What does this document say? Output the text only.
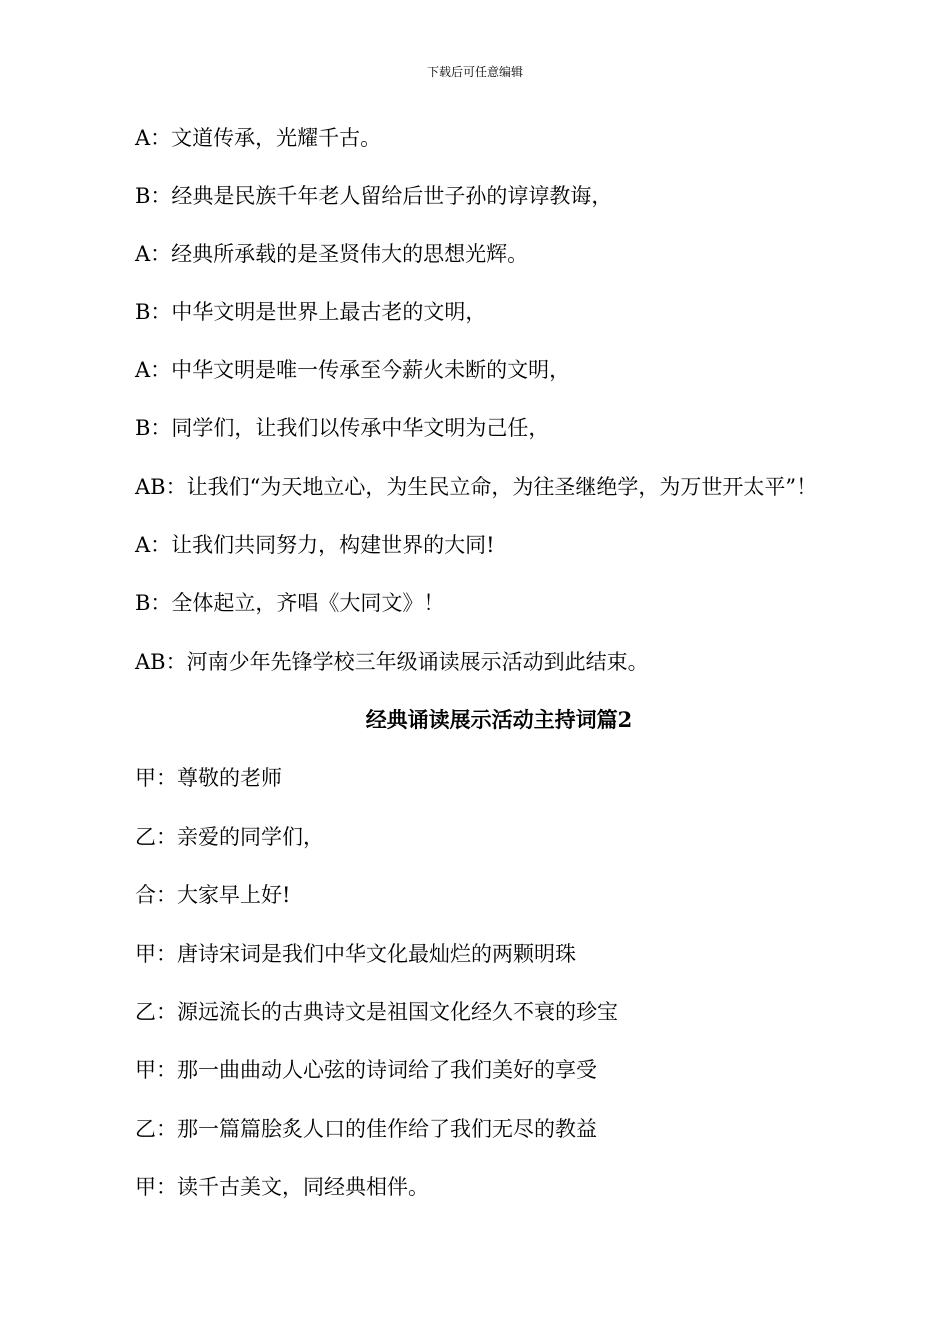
下载后可任意编辑
A：文道传承，光耀千古。
B：经典是民族千年老人留给后世子孙的谆谆教诲，
A：经典所承载的是圣贤伟大的思想光辉。
B：中华文明是世界上最古老的文明，
A：中华文明是唯一传承至今薪火未断的文明，
B：同学们，让我们以传承中华文明为己任，
AB：让我们“为天地立心，为生民立命，为往圣继绝学，为万世开太平”！
A：让我们共同努力，构建世界的大同!
B：全体起立，齐唱《大同文》！
AB：河南少年先锋学校三年级诵读展示活动到此结束。
经典诵读展示活动主持词篇2
甲：尊敬的老师
乙：亲爱的同学们，
合：大家早上好!
甲：唐诗宋词是我们中华文化最灿烂的两颗明珠
乙：源远流长的古典诗文是祖国文化经久不衰的珍宝
甲：那一曲曲动人心弦的诗词给了我们美好的享受
乙：那一篇篇脍炙人口的佳作给了我们无尽的教益
甲：读千古美文，同经典相伴。
